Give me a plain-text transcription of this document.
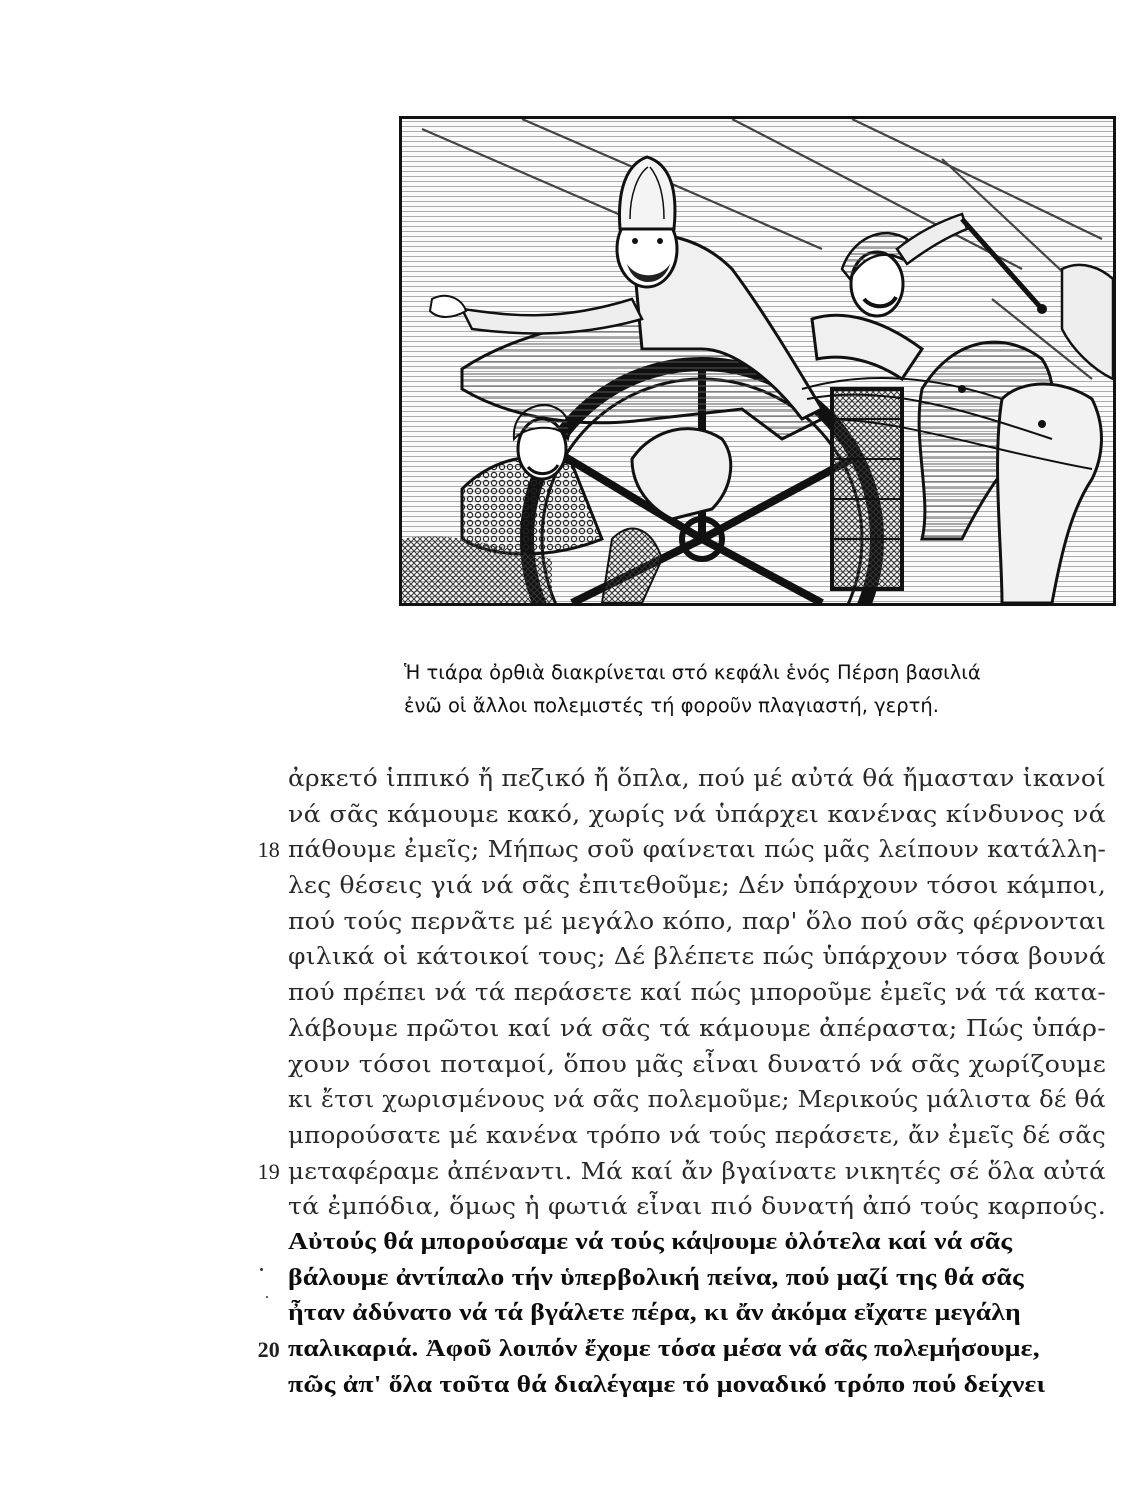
Ἡ τιάρα ὀρθιὰ διακρίνεται στό κεφάλι ἑνός Πέρση βασιλιά
ἐνῶ οἱ ἄλλοι πολεμιστές τή φοροῦν πλαγιαστή, γερτή.
ἀρκετό ἱππικό ἤ πεζικό ἤ ὅπλα, πού μέ αὐτά θά ἤμασταν ἱκανοί
νά σᾶς κάμουμε κακό, χωρίς νά ὑπάρχει κανένας κίνδυνος νά
18 πάθουμε ἐμεῖς; Μήπως σοῦ φαίνεται πώς μᾶς λείπουν κατάλλη-
λες θέσεις γιά νά σᾶς ἐπιτεθοῦμε; Δέν ὑπάρχουν τόσοι κάμποι,
πού τούς περνᾶτε μέ μεγάλο κόπο, παρ' ὅλο πού σᾶς φέρνονται
φιλικά οἱ κάτοικοί τους; Δέ βλέπετε πώς ὑπάρχουν τόσα βουνά
πού πρέπει νά τά περάσετε καί πώς μποροῦμε ἐμεῖς νά τά κατα-
λάβουμε πρῶτοι καί νά σᾶς τά κάμουμε ἀπέραστα; Πώς ὑπάρ-
χουν τόσοι ποταμοί, ὅπου μᾶς εἶναι δυνατό νά σᾶς χωρίζουμε
κι ἔτσι χωρισμένους νά σᾶς πολεμοῦμε; Μερικούς μάλιστα δέ θά
μπορούσατε μέ κανένα τρόπο νά τούς περάσετε, ἄν ἐμεῖς δέ σᾶς
19 μεταφέραμε ἀπέναντι. Μά καί ἄν βγαίνατε νικητές σέ ὅλα αὐτά
τά ἐμπόδια, ὅμως ἡ φωτιά εἶναι πιό δυνατή ἀπό τούς καρπούς.
Αὐτούς θά μπορούσαμε νά τούς κάψουμε ὁλότελα καί νά σᾶς
βάλουμε ἀντίπαλο τήν ὑπερβολική πείνα, πού μαζί της θά σᾶς
ἦταν ἀδύνατο νά τά βγάλετε πέρα, κι ἄν ἀκόμα εἴχατε μεγάλη
20 παλικαριά. Ἀφοῦ λοιπόν ἔχομε τόσα μέσα νά σᾶς πολεμήσουμε,
πῶς ἀπ' ὅλα τοῦτα θά διαλέγαμε τό μοναδικό τρόπο πού δείχνει
